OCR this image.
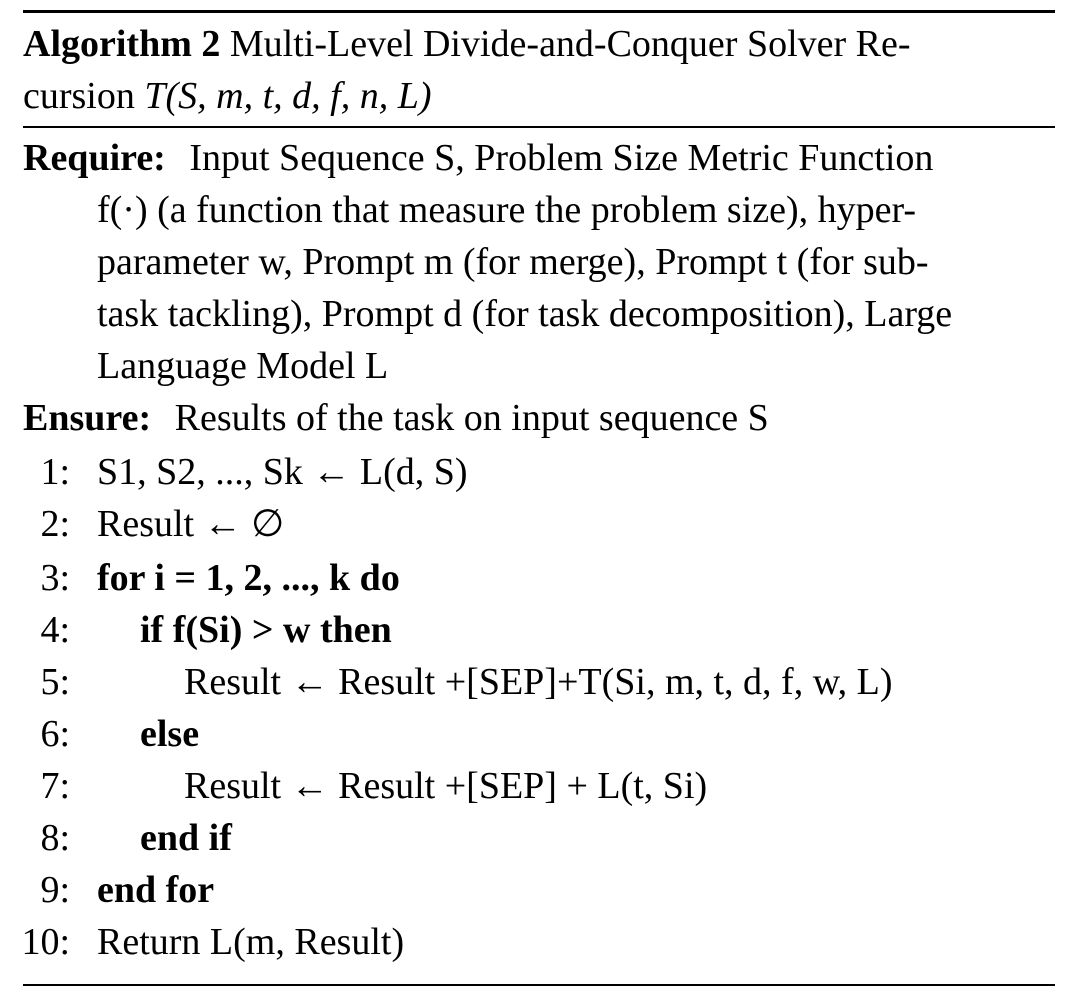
Algorithm 2 Multi-Level Divide-and-Conquer Solver Re-
cursion T(S, m, t, d, f, n, L)
Require: Input Sequence S, Problem Size Metric Function
f(·) (a function that measure the problem size), hyper-
parameter w, Prompt m (for merge), Prompt t (for sub-
task tackling), Prompt d (for task decomposition), Large
Language Model L
Ensure: Results of the task on input sequence S
1: S1, S2, ..., Sk ← L(d, S)
2: Result ← ∅
3: for i = 1, 2, ..., k do
4: if f(Si) > w then
5:	Result ← Result +[SEP]+T(Si, m, t, d, f, w, L)
6: else
7:	Result ← Result +[SEP] + L(t, Si)
8: end if
9: end for
10: Return L(m, Result)
